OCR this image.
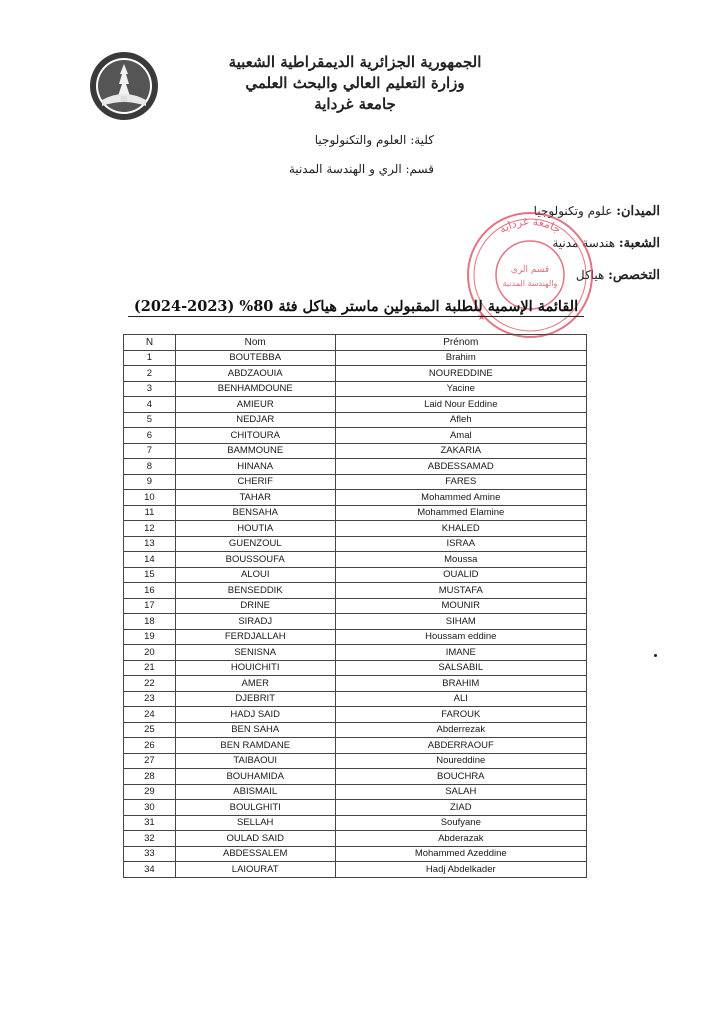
الجمهورية الجزائرية الديمقراطية الشعبية
وزارة التعليم العالي والبحث العلمي
جامعة غرداية
كلية: العلوم والتكنولوجيا
قسم: الري و الهندسة المدنية
الميدان: علوم وتكنولوجيا
الشعبة: هندسة مدنية
التخصص: هياكل
جامعة غرداية
قسم الري
والهندسة المدنية
★
القائمة الإسمية للطلبة المقبولين ماستر هياكل فئة 80% (2023-2024)
N	Nom	Prénom
1	BOUTEBBA	Brahim
2	ABDZAOUIA	NOUREDDINE
3	BENHAMDOUNE	Yacine
4	AMIEUR	Laid Nour Eddine
5	NEDJAR	Afleh
6	CHITOURA	Amal
7	BAMMOUNE	ZAKARIA
8	HINANA	ABDESSAMAD
9	CHERIF	FARES
10	TAHAR	Mohammed Amine
11	BENSAHA	Mohammed Elamine
12	HOUTIA	KHALED
13	GUENZOUL	ISRAA
14	BOUSSOUFA	Moussa
15	ALOUI	OUALID
16	BENSEDDIK	MUSTAFA
17	DRINE	MOUNIR
18	SIRADJ	SIHAM
19	FERDJALLAH	Houssam eddine
20	SENISNA	IMANE
21	HOUICHITI	SALSABIL
22	AMER	BRAHIM
23	DJEBRIT	ALI
24	HADJ SAID	FAROUK
25	BEN SAHA	Abderrezak
26	BEN RAMDANE	ABDERRAOUF
27	TAIBAOUI	Noureddine
28	BOUHAMIDA	BOUCHRA
29	ABISMAIL	SALAH
30	BOULGHITI	ZIAD
31	SELLAH	Soufyane
32	OULAD SAID	Abderazak
33	ABDESSALEM	Mohammed Azeddine
34	LAIOURAT	Hadj Abdelkader
